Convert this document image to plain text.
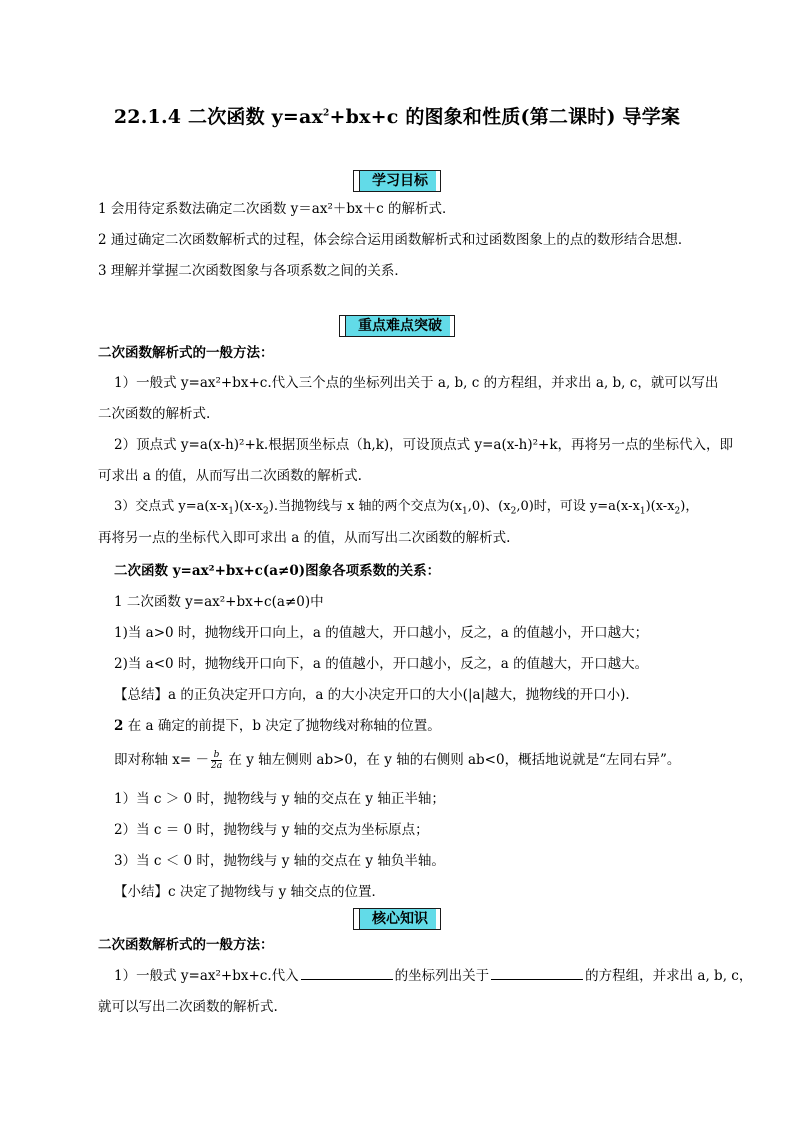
22.1.4 二次函数 $y=ax^2+bx+c$ 的图象和性质(第二课时) 导学案
学习目标
1 会用待定系数法确定二次函数 y＝ax²＋bx＋c 的解析式．
2 通过确定二次函数解析式的过程，体会综合运用函数解析式和过函数图象上的点的数形结合思想．
3 理解并掌握二次函数图象与各项系数之间的关系．
重点难点突破
二次函数解析式的一般方法：
1）一般式 y=ax²+bx+c.代入三个点的坐标列出关于 a, b, c 的方程组，并求出 a, b, c，就可以写出
二次函数的解析式.
2）顶点式 y=a(x-h)²+k.根据顶坐标点（h,k)，可设顶点式 y=a(x-h)²+k，再将另一点的坐标代入，即
可求出 a 的值，从而写出二次函数的解析式.
3）交点式 $y=a(x-x_1)(x-x_2)$.当抛物线与 x 轴的两个交点为$(x_1,0)$、$(x_2,0)$时，可设 $y=a(x-x_1)(x-x_2)$，
再将另一点的坐标代入即可求出 a 的值，从而写出二次函数的解析式.
二次函数 y=ax²+bx+c(a≠0)图象各项系数的关系：
1 二次函数 y=ax²+bx+c(a≠0)中
1)当 a>0 时，抛物线开口向上，a 的值越大，开口越小，反之，a 的值越小，开口越大；
2)当 a<0 时，抛物线开口向下，a 的值越小，开口越小，反之，a 的值越大，开口越大。
【总结】a 的正负决定开口方向，a 的大小决定开口的大小(|a|越大，抛物线的开口小)．
2 在 a 确定的前提下，b 决定了抛物线对称轴的位置。
即对称轴 $x= - \frac{b}{2a}$ 在 y 轴左侧则 ab>0，在 y 轴的右侧则 ab<0，概括地说就是“左同右异”。
1）当 c ＞ 0 时，抛物线与 y 轴的交点在 y 轴正半轴；
2）当 c ＝ 0 时，抛物线与 y 轴的交点为坐标原点；
3）当 c ＜ 0 时，抛物线与 y 轴的交点在 y 轴负半轴。
【小结】c 决定了抛物线与 y 轴交点的位置．
核心知识
二次函数解析式的一般方法：
1）一般式 y=ax²+bx+c.代入	的坐标列出关于	的方程组，并求出 a, b, c，
就可以写出二次函数的解析式.
